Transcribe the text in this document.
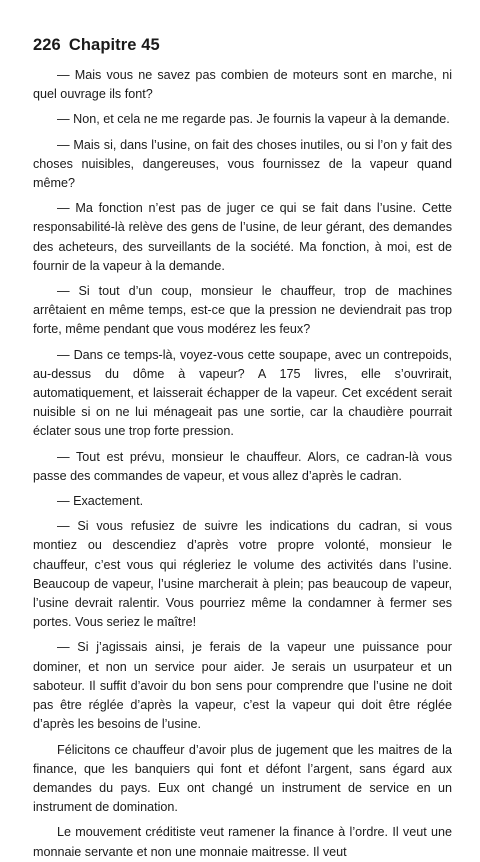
226 Chapitre 45

— Mais vous ne savez pas combien de moteurs sont en marche, ni quel ouvrage ils font?

— Non, et cela ne me regarde pas. Je fournis la vapeur à la demande.

— Mais si, dans l’usine, on fait des choses inutiles, ou si l’on y fait des choses nuisibles, dangereuses, vous fournissez de la vapeur quand même?

— Ma fonction n’est pas de juger ce qui se fait dans l’usine. Cette responsabilité-là relève des gens de l’usine, de leur gérant, des demandes des acheteurs, des surveillants de la société. Ma fonction, à moi, est de fournir de la vapeur à la demande.

— Si tout d’un coup, monsieur le chauffeur, trop de machines arrêtaient en même temps, est-ce que la pression ne deviendrait pas trop forte, même pendant que vous modérez les feux?

— Dans ce temps-là, voyez-vous cette soupape, avec un contrepoids, au-dessus du dôme à vapeur? A 175 livres, elle s’ouvrirait, automatiquement, et laisserait échapper de la vapeur. Cet excédent serait nuisible si on ne lui ménageait pas une sortie, car la chaudière pourrait éclater sous une trop forte pression.

— Tout est prévu, monsieur le chauffeur. Alors, ce cadran-là vous passe des commandes de vapeur, et vous allez d’après le cadran.

— Exactement.

— Si vous refusiez de suivre les indications du cadran, si vous montiez ou descendiez d’après votre propre volonté, monsieur le chauffeur, c’est vous qui régleriez le volume des activités dans l’usine. Beaucoup de vapeur, l’usine marcherait à plein; pas beaucoup de vapeur, l’usine devrait ralentir. Vous pourriez même la condamner à fermer ses portes. Vous seriez le maître!

— Si j’agissais ainsi, je ferais de la vapeur une puissance pour dominer, et non un service pour aider. Je serais un usurpateur et un saboteur. Il suffit d’avoir du bon sens pour comprendre que l’usine ne doit pas être réglée d’après la vapeur, c’est la vapeur qui doit être réglée d’après les besoins de l’usine.

Félicitons ce chauffeur d’avoir plus de jugement que les maitres de la finance, que les banquiers qui font et défont l’argent, sans égard aux demandes du pays. Eux ont changé un instrument de service en un instrument de domination.

Le mouvement créditiste veut ramener la finance à l’ordre. Il veut une monnaie servante et non une monnaie maitresse. Il veut
